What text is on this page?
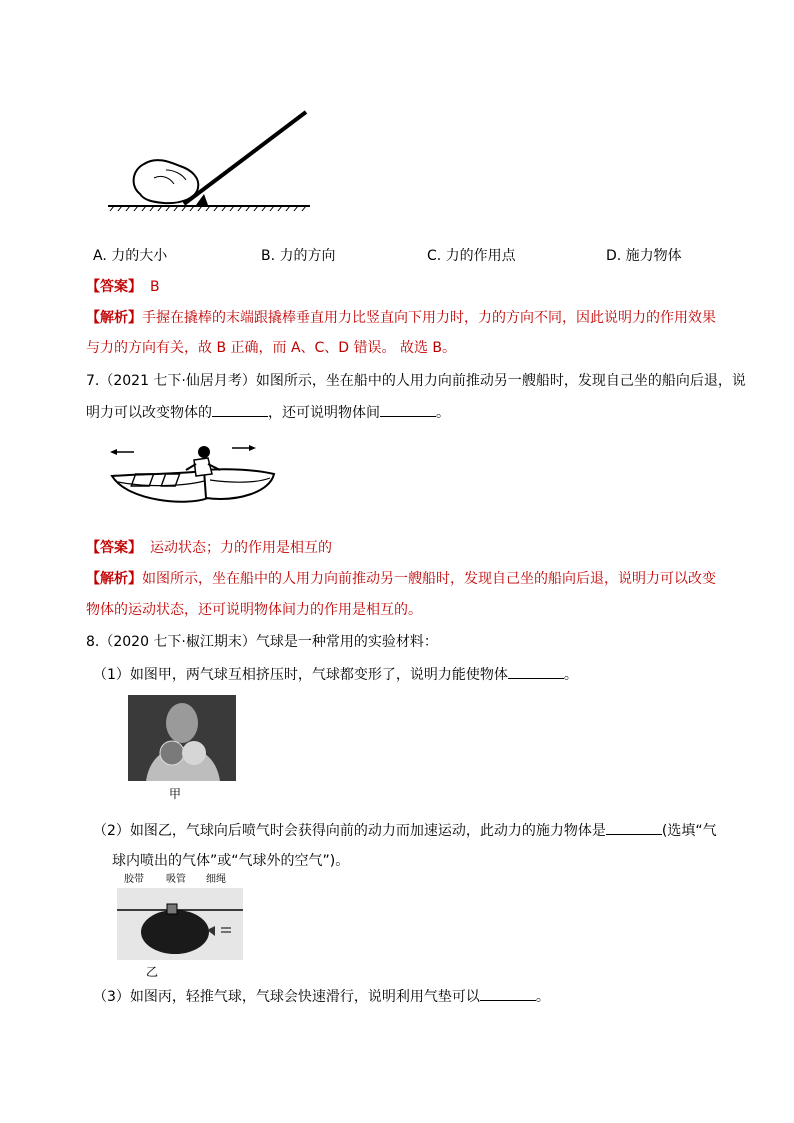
A. 力的大小	B. 力的方向	C. 力的作用点	D. 施力物体
【答案】 B
【解析】手握在撬棒的末端跟撬棒垂直用力比竖直向下用力时，力的方向不同，因此说明力的作用效果
与力的方向有关，故 B 正确，而 A、C、D 错误。 故选 B。
7.（2021 七下·仙居月考）如图所示，坐在船中的人用力向前推动另一艘船时，发现自己坐的船向后退，说
明力可以改变物体的	，还可说明物体间	。
【答案】 运动状态；力的作用是相互的
【解析】如图所示，坐在船中的人用力向前推动另一艘船时，发现自己坐的船向后退，说明力可以改变
物体的运动状态，还可说明物体间力的作用是相互的。
8.（2020 七下·椒江期末）气球是一种常用的实验材料：
（1）如图甲，两气球互相挤压时，气球都变形了，说明力能使物体	。
甲
（2）如图乙，气球向后喷气时会获得向前的动力而加速运动，此动力的施力物体是	(选填“气
球内喷出的气体”或“气球外的空气”)。
胶带 吸管 细绳
乙
（3）如图丙，轻推气球，气球会快速滑行，说明利用气垫可以	。
